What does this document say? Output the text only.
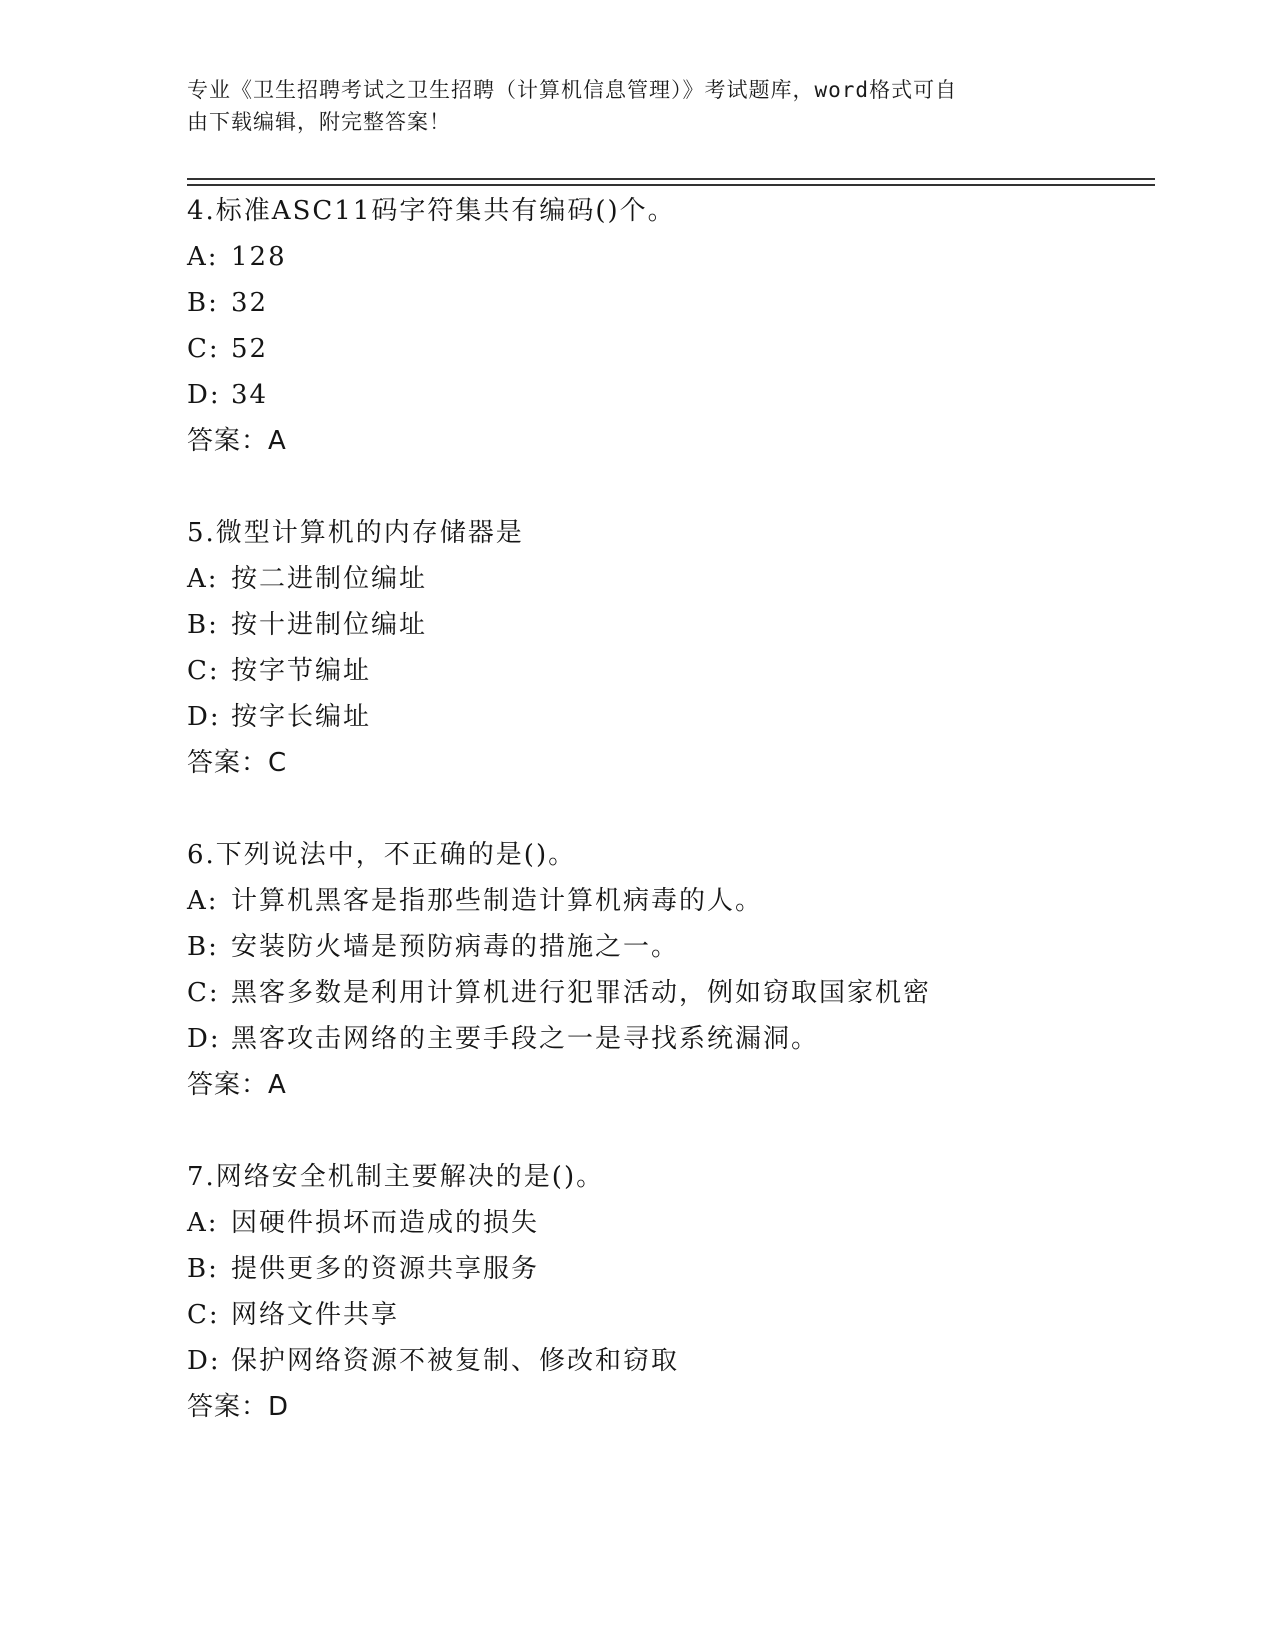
专业《卫生招聘考试之卫生招聘（计算机信息管理）》考试题库，word格式可自
由下载编辑，附完整答案！
4.标准ASC11码字符集共有编码()个。
A: 128
B: 32
C: 52
D: 34
答案：A
5.微型计算机的内存储器是
A: 按二进制位编址
B: 按十进制位编址
C: 按字节编址
D: 按字长编址
答案：C
6.下列说法中，不正确的是()。
A: 计算机黑客是指那些制造计算机病毒的人。
B: 安装防火墙是预防病毒的措施之一。
C: 黑客多数是利用计算机进行犯罪活动，例如窃取国家机密
D: 黑客攻击网络的主要手段之一是寻找系统漏洞。
答案：A
7.网络安全机制主要解决的是()。
A: 因硬件损坏而造成的损失
B: 提供更多的资源共享服务
C: 网络文件共享
D: 保护网络资源不被复制、修改和窃取
答案：D
